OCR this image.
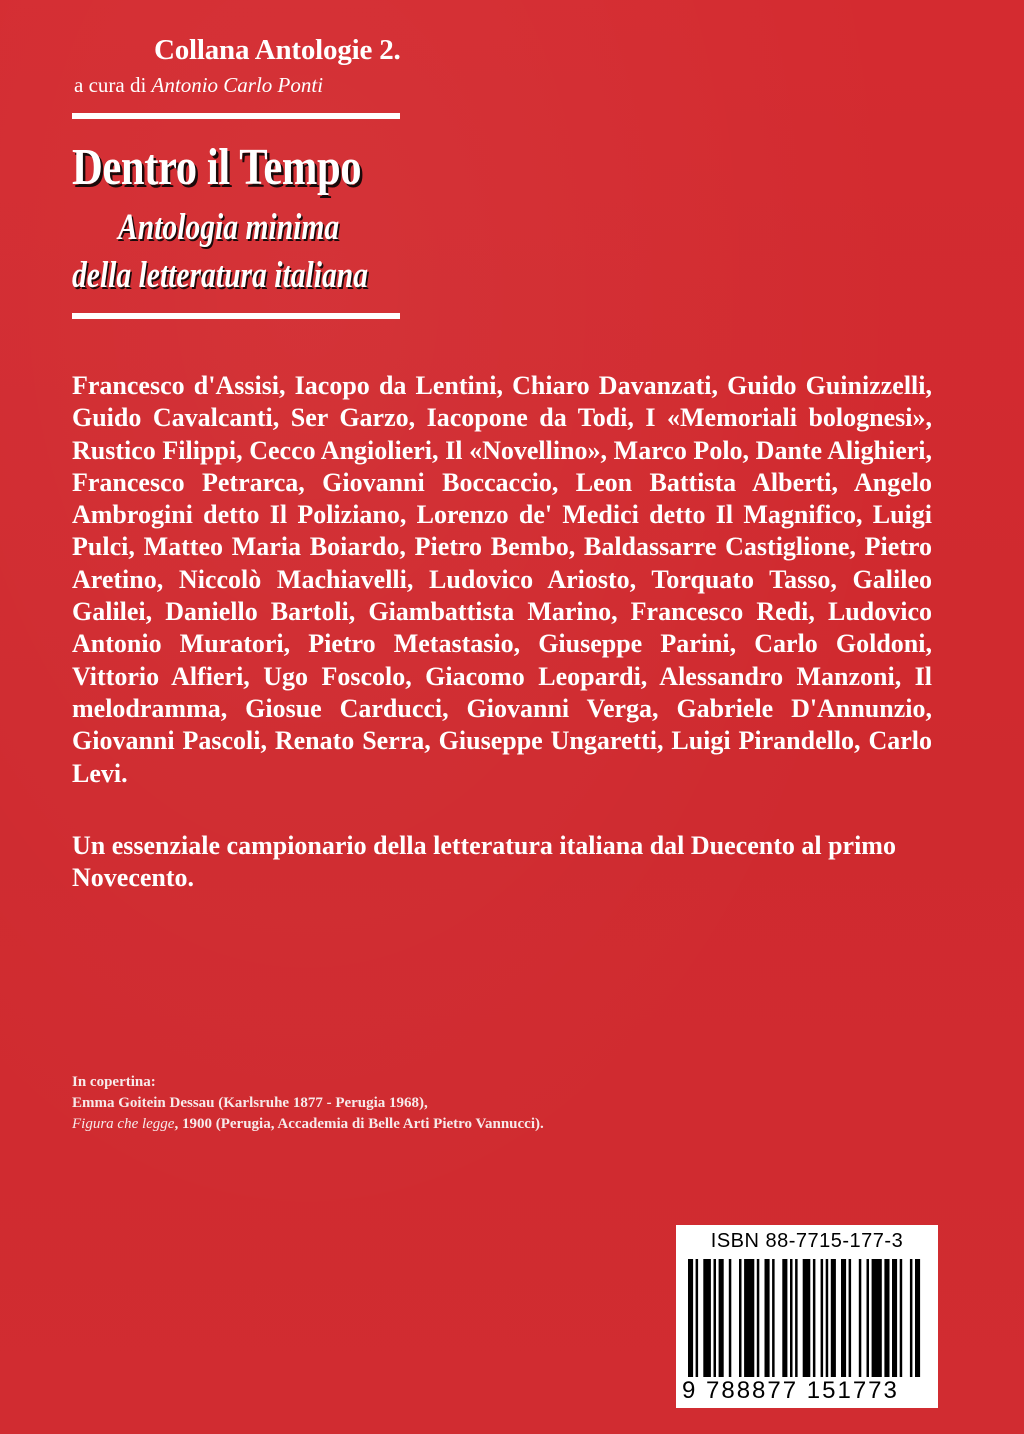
Collana Antologie 2.
a cura di Antonio Carlo Ponti
Dentro il Tempo
Antologia minima
della letteratura italiana

Francesco d'Assisi, Iacopo da Lentini, Chiaro Davanzati, Guido Guinizzelli, Guido Cavalcanti, Ser Garzo, Iacopone da Todi, I «Memoriali bolognesi», Rustico Filippi, Cecco Angiolieri, Il «Novellino», Marco Polo, Dante Alighieri, Francesco Petrarca, Giovanni Boccaccio, Leon Battista Alberti, Angelo Ambrogini detto Il Poliziano, Lorenzo de' Medici detto Il Magnifico, Luigi Pulci, Matteo Maria Boiardo, Pietro Bembo, Baldassarre Castiglione, Pietro Aretino, Niccolò Machiavelli, Ludovico Ariosto, Torquato Tasso, Galileo Galilei, Daniello Bartoli, Giambattista Marino, Francesco Redi, Ludovico Antonio Muratori, Pietro Metastasio, Giuseppe Parini, Carlo Goldoni, Vittorio Alfieri, Ugo Foscolo, Giacomo Leopardi, Alessandro Manzoni, Il melodramma, Giosue Carducci, Giovanni Verga, Gabriele D'Annunzio, Giovanni Pascoli, Renato Serra, Giuseppe Ungaretti, Luigi Pirandello, Carlo Levi.

Un essenziale campionario della letteratura italiana dal Duecento al primo Novecento.

In copertina:
Emma Goitein Dessau (Karlsruhe 1877 - Perugia 1968),
Figura che legge, 1900 (Perugia, Accademia di Belle Arti Pietro Vannucci).
ISBN 88-7715-177-3
9 788877 151773
